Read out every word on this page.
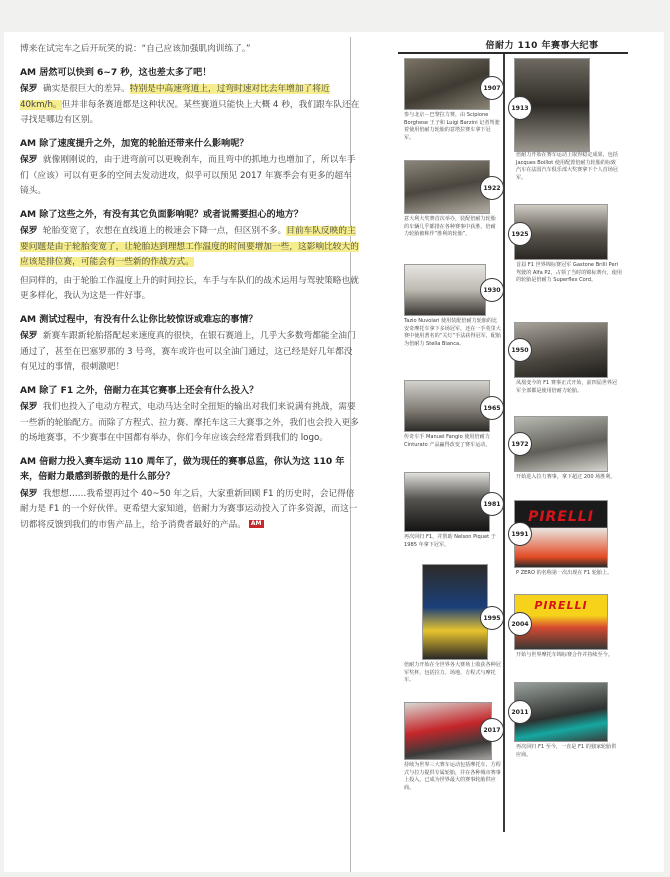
博来在试完车之后开玩笑的说：“自己应该加强肌肉训练了。”

AM 居然可以快到 6~7 秒，这也差太多了吧！

保罗 确实是很巨大的差异。特别是中高速弯道上，过弯时速对比去年增加了将近 40km/h。但并非每条赛道都是这种状况。某些赛道只能快上大概 4 秒，我们跟车队还在寻找是哪边有区别。

AM 除了速度提升之外，加宽的轮胎还带来什么影响呢？

保罗 就像刚刚说的，由于进弯前可以更晚刹车，而且弯中的抓地力也增加了，所以车手们（应该）可以有更多的空间去发动进攻，似乎可以预见 2017 年赛季会有更多的超车镜头。

AM 除了这些之外，有没有其它负面影响呢？或者说需要担心的地方？

保罗 轮胎变宽了，农想在直线道上的极速会下降一点，但区别不多。目前车队反映的主要问题是由于轮胎变宽了，让轮胎达到理想工作温度的时间要增加一些，这影响比较大的应该是排位赛，可能会有一些新的作战方式。

但同样的，由于轮胎工作温度上升的时间拉长，车手与车队们的战术运用与驾驶策略也就更多样化，我认为这是一件好事。

AM 测试过程中，有没有什么让你比较惊讶或难忘的事情？

保罗 新赛车跟新轮胎搭配起来速度真的很快，在银石赛道上，几乎大多数弯都能全油门通过了，甚至在巴塞罗那的 3 号弯，赛车或许也可以全油门通过，这已经是好几年都没有见过的事情，很刺激吧！

AM 除了 F1 之外，倍耐力在其它赛事上还会有什么投入？

保罗 我们也投入了电动方程式，电动马达全时全扭矩的输出对我们来说满有挑战，需要一些新的轮胎配方。而除了方程式、拉力赛、摩托车这三大赛事之外，我们也会投入更多的场地赛事，不少赛事在中国都有举办，你们今年应该会经常看到我们的 logo。

AM 倍耐力投入赛车运动 110 周年了，做为现任的赛事总监，你认为这 110 年来，倍耐力最感到骄傲的是什么部分？

保罗 我想想……我希望再过个 40~50 年之后，大家重新回顾 F1 的历史时，会记得倍耐力是 F1 的一个好伙伴。更希望大家知道，倍耐力为赛事运动投入了许多资源，而这一切都将反馈到我们的市售产品上，给予消费者最好的产品。 AM

倍耐力 110 年赛事大纪事
1907
参与北京－巴黎拉力赛，由 Scipione Borghese 王子和 Luigi Barzini 记者驾驶着使用倍耐力轮胎的意塔拉赛车拿下冠军。
1913
倍耐力开始在赛车运动上取得稳定成果，包括 Jacques Boillot 使用配置倍耐力轮胎的标致汽车在法国汽车俱乐部大奖赛拿下个人首场冠军。
1922
意大利大奖赛首次举办，装配倍耐力轮胎的车辆几乎都排在各种赛事中获胜，倍耐力轮胎被称作“胜利的轮胎”。	1925
首届 F1 世界锦标赛冠军 Gastone Brilli Peri 驾驶的 Alfa P2，占领了当时的锦标赛台，使用的轮胎是倍耐力 Superflex Cord。
1930
Tazio Nuvolari 使用装配倍耐力轮胎的比安奇摩托车拿下多场冠军，还在一手英里大赛中使用著名的“关灯”手法获得冠军，配胎为倍耐力 Stella Bianca。
1950
凤凰变今的 F1 赛事正式开始，前四届世界冠军全部都是使用倍耐力轮胎。
1965
传奇车手 Manuel Fangio 使用倍耐力 Cinturato 产品赢得改变了赛车运动。	1972
开始进入拉力赛事，拿下超过 200 场胜利。
1981
再次回归 F1，并帮助 Nelson Piquet 于 1985 年拿下冠军。
PIRELLI
1991
P ZERO 的名称第一次出现在 F1 轮胎上。
1995
倍耐力开始在全世界各大赛场上收获各种冠军奖杯，包括拉力、场地、方程式与摩托车。
PIRELLI
2004
开始与世界摩托车锦标赛合作并持续至今。
2011
再次回归 F1 至今，一直是 F1 的独家轮胎供应商。
2017
持续为世界三大赛车运动包括摩托车、方程式与拉力提供专属轮胎，并在各种城市赛事上投入，已成为世界最大的赛事轮胎供应商。
